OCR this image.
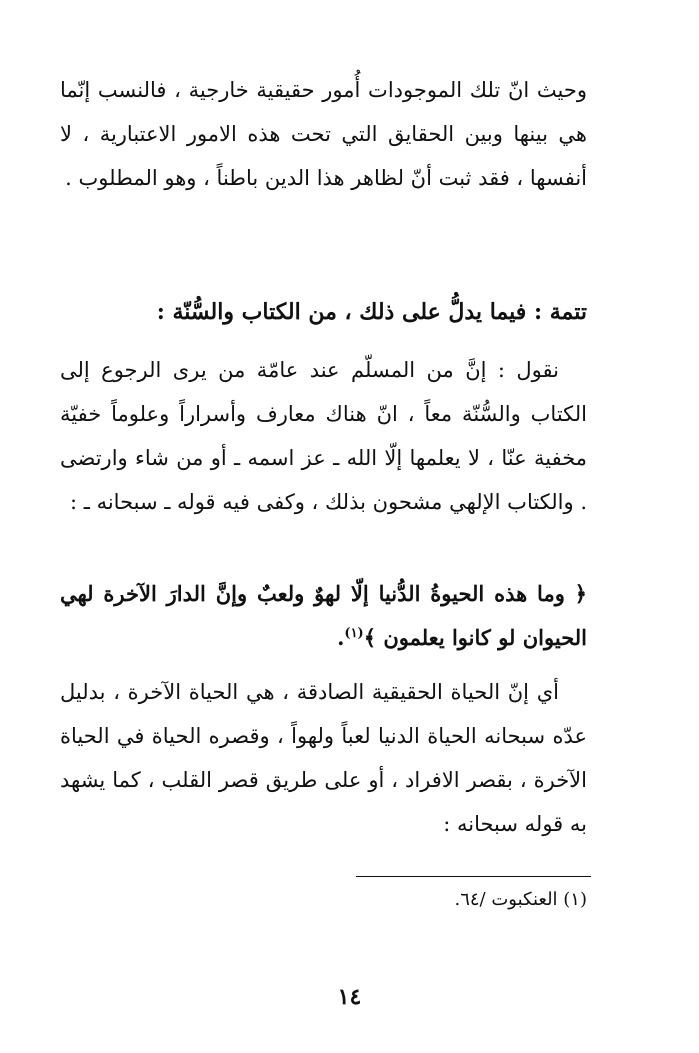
وحيث انّ تلك الموجودات أُمور حقيقية خارجية ، فالنسب إنّما هي بينها وبين الحقايق التي تحت هذه الامور الاعتبارية ، لا أنفسها ، فقد ثبت أنّ لظاهر هذا الدين باطناً ، وهو المطلوب .

تتمة : فيما يدلُّ على ذلك ، من الكتاب والسُّنّة :

نقول : إنَّ من المسلّم عند عامّة من يرى الرجوع إلى الكتاب والسُّنّة معاً ، انّ هناك معارف وأسراراً وعلوماً خفيّة مخفية عنّا ، لا يعلمها إلّا الله ـ عز اسمه ـ أو من شاء وارتضى . والكتاب الإلهي مشحون بذلك ، وكفى فيه قوله ـ سبحانه ـ :

﴿ وما هذه الحيوةُ الدُّنيا إلّا لهوٌ ولعبٌ وإنَّ الدارَ الآخرة لهي الحيوان لو كانوا يعلمون ﴾$^{(١)}$.

أي إنّ الحياة الحقيقية الصادقة ، هي الحياة الآخرة ، بدليل عدّه سبحانه الحياة الدنيا لعباً ولهواً ، وقصره الحياة في الحياة الآخرة ، بقصر الافراد ، أو على طريق قصر القلب ، كما يشهد به قوله سبحانه :

(١) العنكبوت /٦٤.
١٤
